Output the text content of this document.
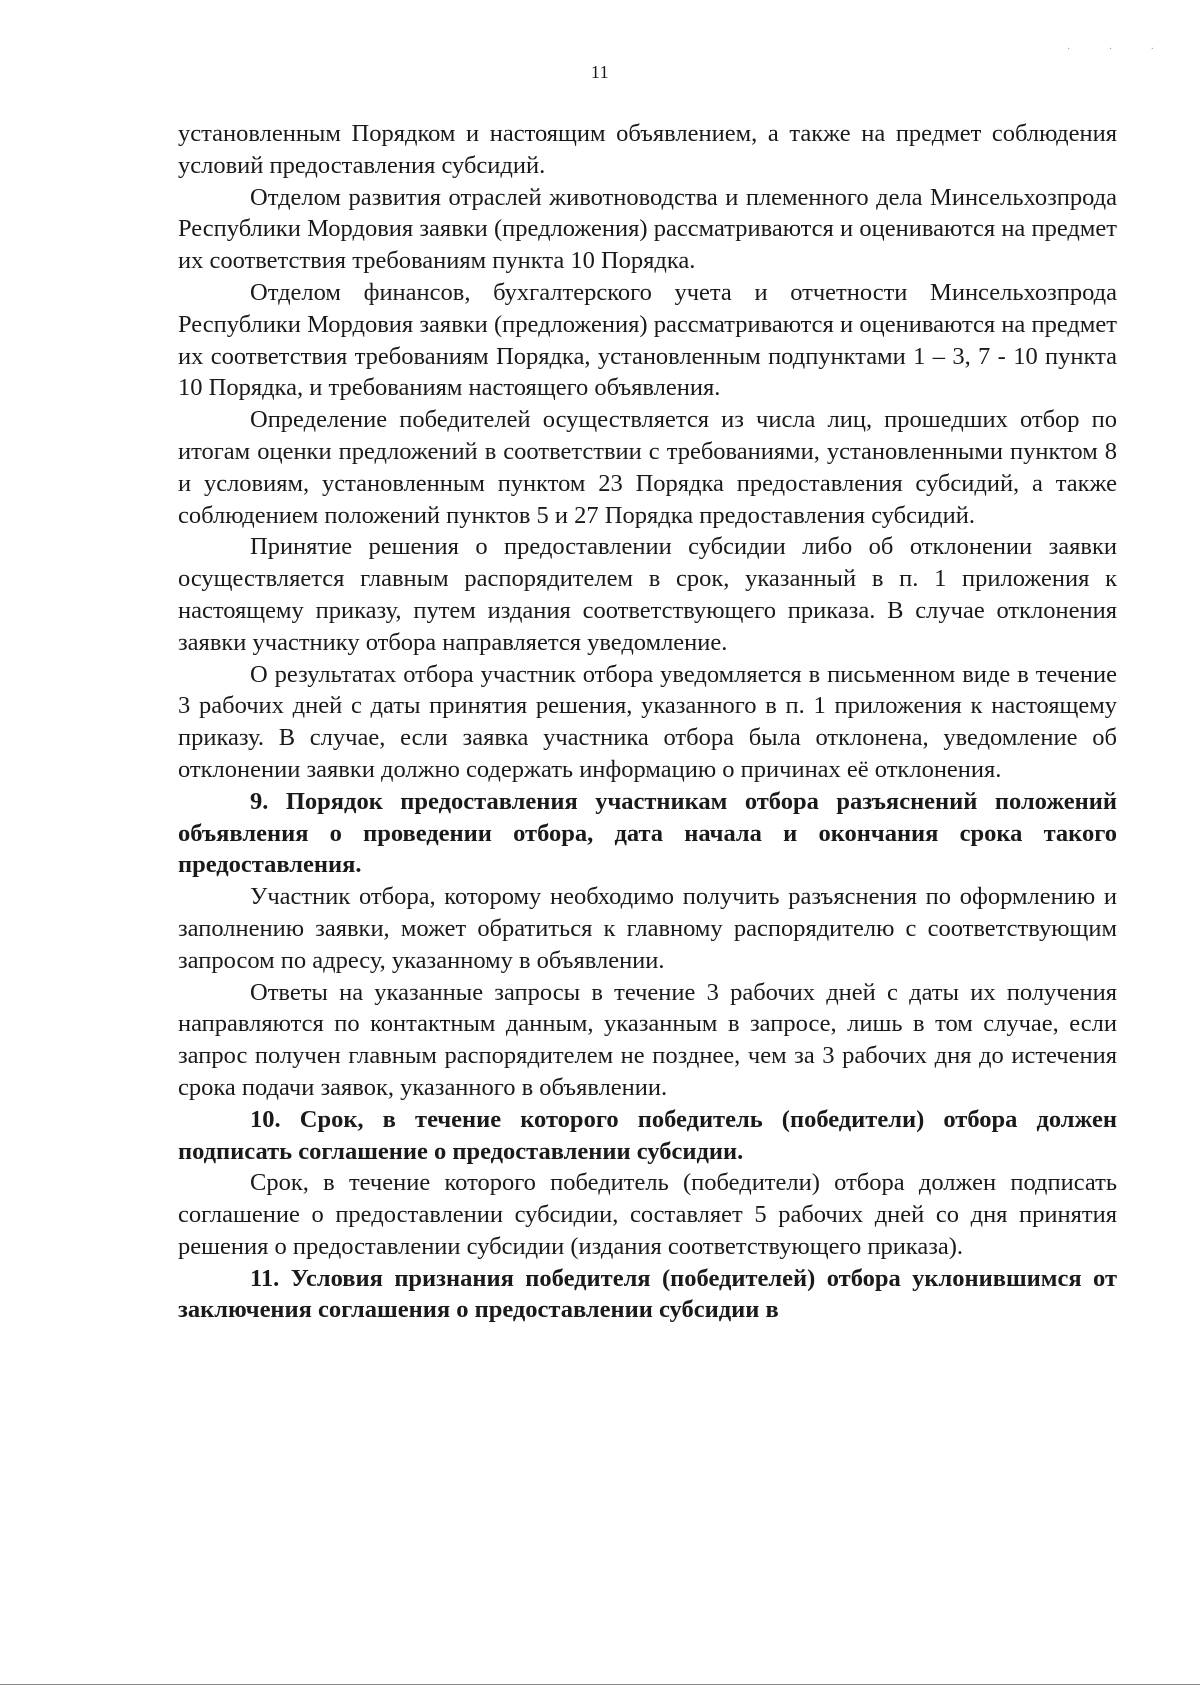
11
· · ·

установленным Порядком и настоящим объявлением, а также на предмет соблюдения условий предоставления субсидий.

Отделом развития отраслей животноводства и племенного дела Минсельхозпрода Республики Мордовия заявки (предложения) рассматриваются и оцениваются на предмет их соответствия требованиям пункта 10 Порядка.

Отделом финансов, бухгалтерского учета и отчетности Минсельхозпрода Республики Мордовия заявки (предложения) рассматриваются и оцениваются на предмет их соответствия требованиям Порядка, установленным подпунктами 1 – 3, 7 - 10 пункта 10 Порядка, и требованиям настоящего объявления.

Определение победителей осуществляется из числа лиц, прошедших отбор по итогам оценки предложений в соответствии с требованиями, установленными пунктом 8 и условиям, установленным пунктом 23 Порядка предоставления субсидий, а также соблюдением положений пунктов 5 и 27 Порядка предоставления субсидий.

Принятие решения о предоставлении субсидии либо об отклонении заявки осуществляется главным распорядителем в срок, указанный в п. 1 приложения к настоящему приказу, путем издания соответствующего приказа. В случае отклонения заявки участнику отбора направляется уведомление.

О результатах отбора участник отбора уведомляется в письменном виде в течение 3 рабочих дней с даты принятия решения, указанного в п. 1 приложения к настоящему приказу. В случае, если заявка участника отбора была отклонена, уведомление об отклонении заявки должно содержать информацию о причинах её отклонения.

9. Порядок предоставления участникам отбора разъяснений положений объявления о проведении отбора, дата начала и окончания срока такого предоставления.

Участник отбора, которому необходимо получить разъяснения по оформлению и заполнению заявки, может обратиться к главному распорядителю с соответствующим запросом по адресу, указанному в объявлении.

Ответы на указанные запросы в течение 3 рабочих дней с даты их получения направляются по контактным данным, указанным в запросе, лишь в том случае, если запрос получен главным распорядителем не позднее, чем за 3 рабочих дня до истечения срока подачи заявок, указанного в объявлении.

10. Срок, в течение которого победитель (победители) отбора должен подписать соглашение о предоставлении субсидии.

Срок, в течение которого победитель (победители) отбора должен подписать соглашение о предоставлении субсидии, составляет 5 рабочих дней со дня принятия решения о предоставлении субсидии (издания соответствующего приказа).

11. Условия признания победителя (победителей) отбора уклонившимся от заключения соглашения о предоставлении субсидии в
